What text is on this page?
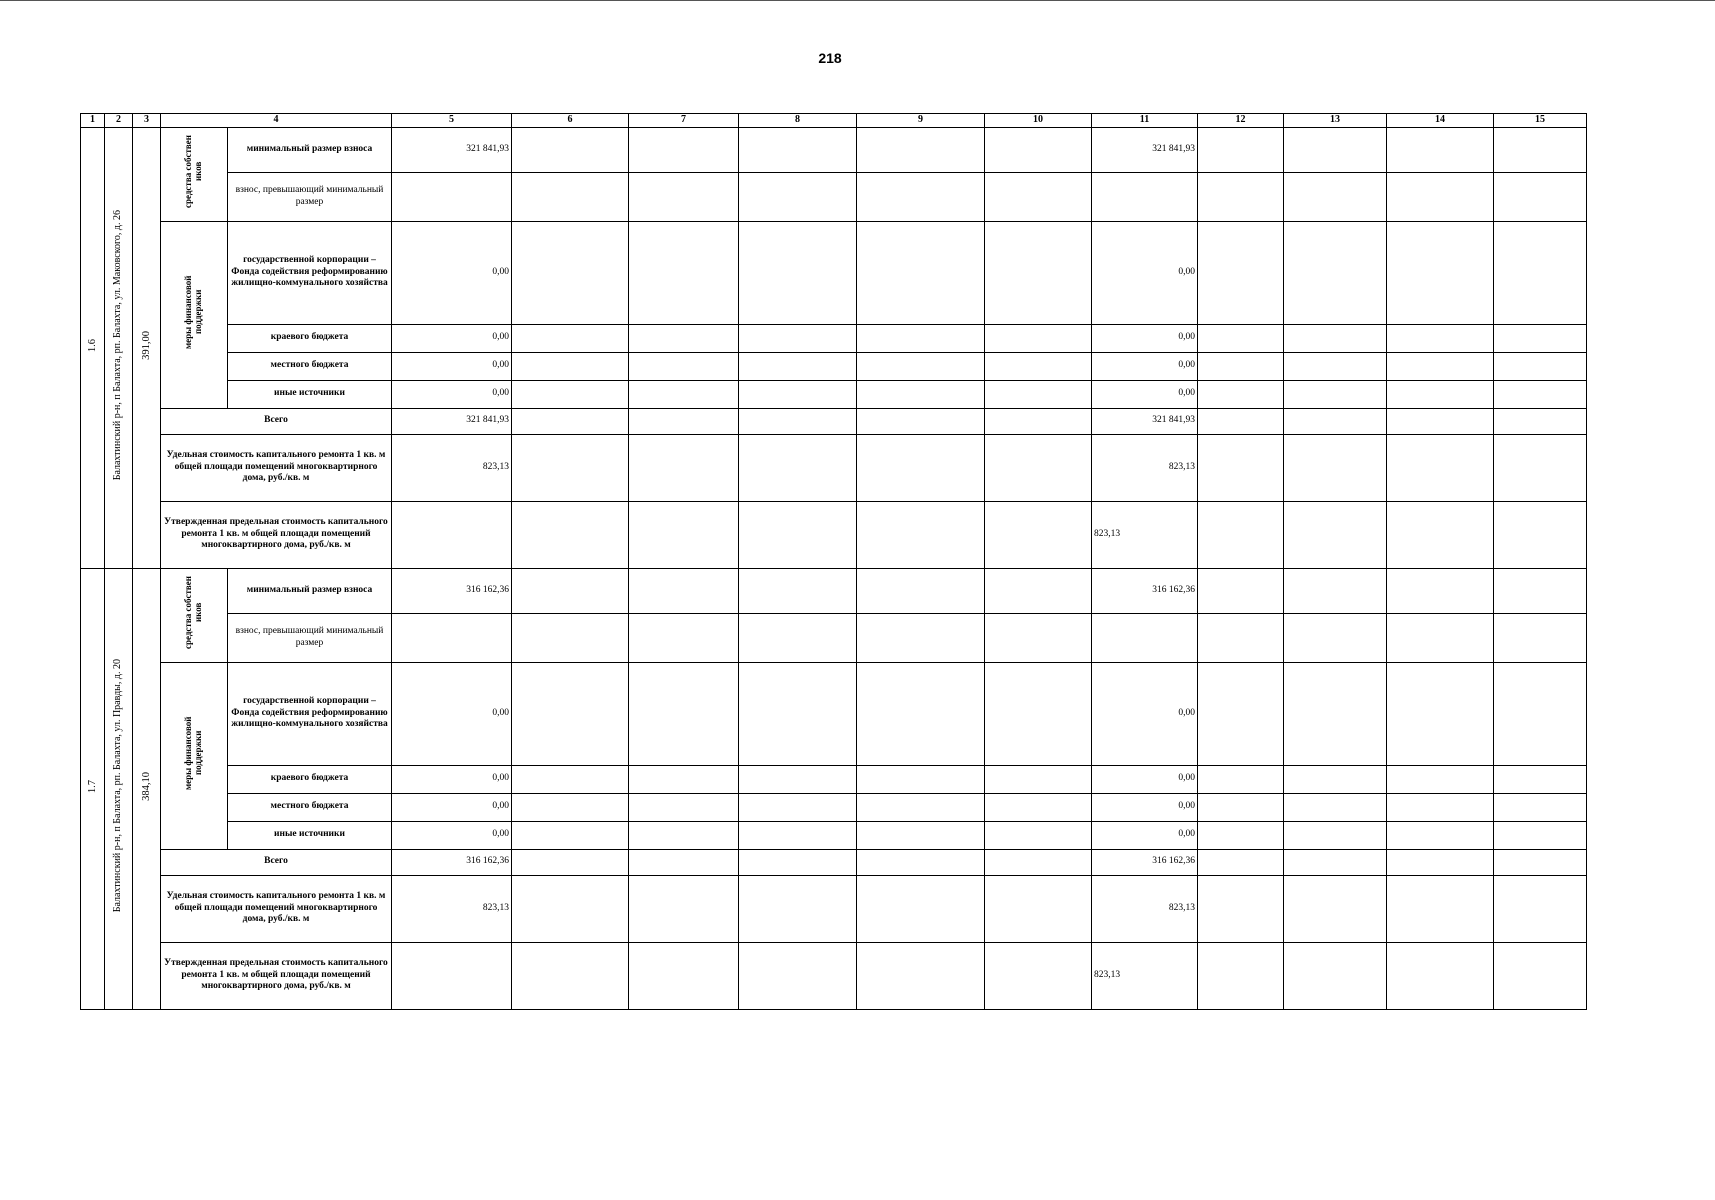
218
1	2	3	4		5	6	7	8	9	10	11	12	13	14	15
1.6	Балахтинский р-н, п Балахта, рп. Балахта, ул. Маковского, д. 26	391,00	средства собствен иков	минимальный размер взноса	321 841,93						321 841,93				
				взнос, превышающий минимальный размер											
			меры финансовой поддержки	государственной корпорации – Фонда содействия реформированию жилищно-коммунального хозяйства	0,00						0,00				
				краевого бюджета	0,00						0,00				
				местного бюджета	0,00						0,00				
				иные источники	0,00						0,00				
			Всего		321 841,93						321 841,93				
			Удельная стоимость капитального ремонта 1 кв. м общей площади помещений многоквартирного дома, руб./кв. м		823,13						823,13				
			Утвержденная предельная стоимость капитального ремонта 1 кв. м общей площади помещений многоквартирного дома, руб./кв. м								823,13				
1.7	Балахтинский р-н, п Балахта, рп. Балахта, ул. Правды, д. 20	384,10	средства собствен иков	минимальный размер взноса	316 162,36						316 162,36				
				взнос, превышающий минимальный размер											
			меры финансовой поддержки	государственной корпорации – Фонда содействия реформированию жилищно-коммунального хозяйства	0,00						0,00				
				краевого бюджета	0,00						0,00				
				местного бюджета	0,00						0,00				
				иные источники	0,00						0,00				
			Всего		316 162,36						316 162,36				
			Удельная стоимость капитального ремонта 1 кв. м общей площади помещений многоквартирного дома, руб./кв. м		823,13						823,13				
			Утвержденная предельная стоимость капитального ремонта 1 кв. м общей площади помещений многоквартирного дома, руб./кв. м								823,13				
